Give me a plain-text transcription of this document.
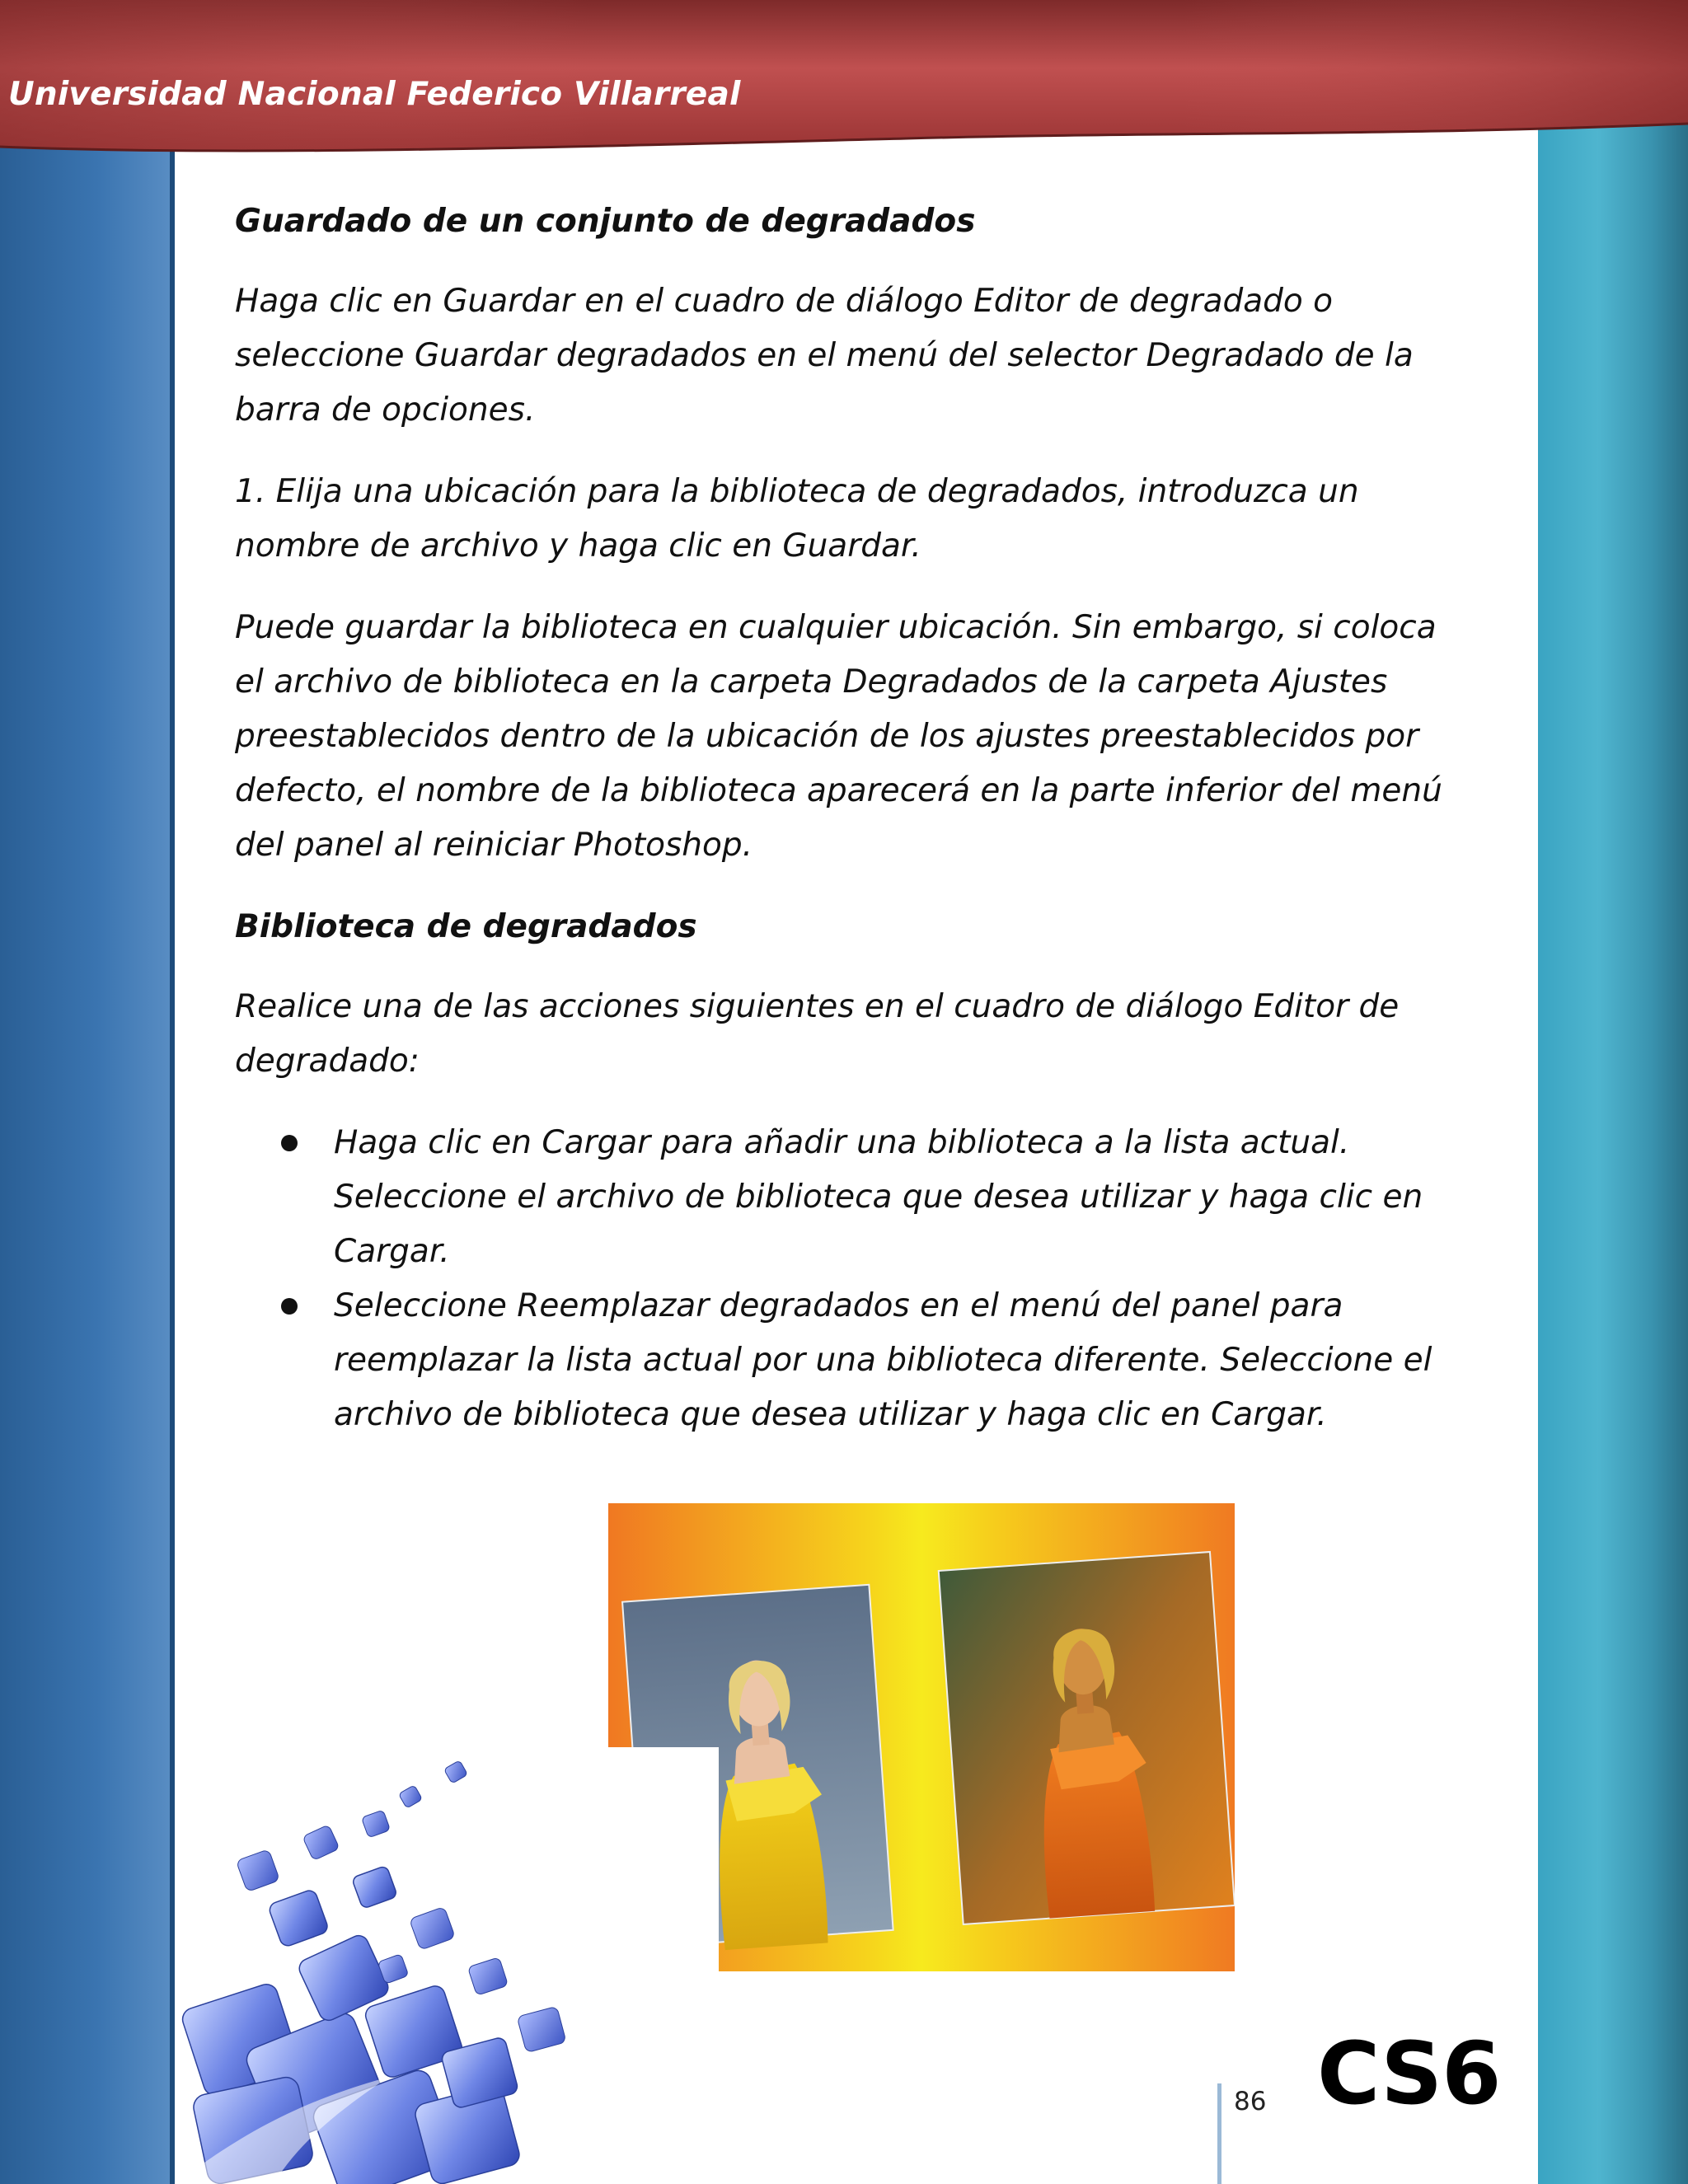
Universidad Nacional Federico Villarreal
Guardado de un conjunto de degradados

Haga clic en Guardar en el cuadro de diálogo Editor de degradado o seleccione Guardar degradados en el menú del selector Degradado de la barra de opciones.

1. Elija una ubicación para la biblioteca de degradados, introduzca un nombre de archivo y haga clic en Guardar.

Puede guardar la biblioteca en cualquier ubicación. Sin embargo, si coloca el archivo de biblioteca en la carpeta Degradados de la carpeta Ajustes preestablecidos dentro de la ubicación de los ajustes preestablecidos por defecto, el nombre de la biblioteca aparecerá en la parte inferior del menú del panel al reiniciar Photoshop.

Biblioteca de degradados

Realice una de las acciones siguientes en el cuadro de diálogo Editor de degradado:

Haga clic en Cargar para añadir una biblioteca a la lista actual. Seleccione el archivo de biblioteca que desea utilizar y haga clic en Cargar.
Seleccione Reemplazar degradados en el menú del panel para reemplazar la lista actual por una biblioteca diferente. Seleccione el archivo de biblioteca que desea utilizar y haga clic en Cargar.
86 CS6
